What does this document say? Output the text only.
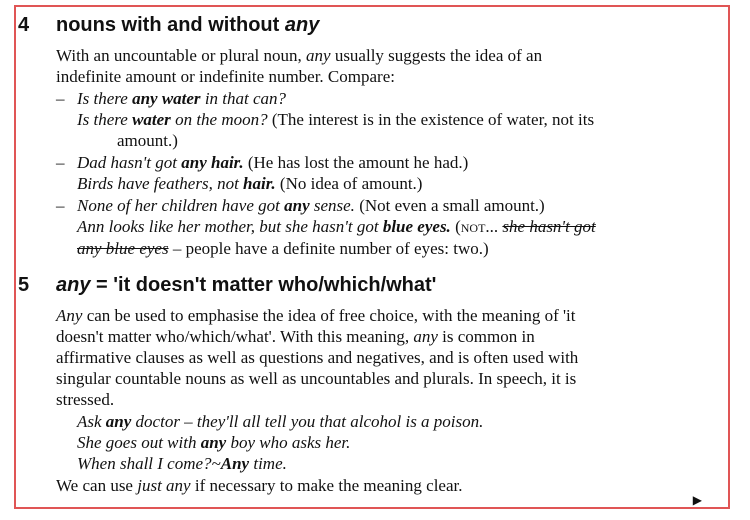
4 nouns with and without any
With an uncountable or plural noun, any usually suggests the idea of an
indefinite amount or indefinite number. Compare:
– Is there any water in that can?
Is there water on the moon? (The interest is in the existence of water, not its
amount.)
– Dad hasn't got any hair. (He has lost the amount he had.)
Birds have feathers, not hair. (No idea of amount.)
– None of her children have got any sense. (Not even a small amount.)
Ann looks like her mother, but she hasn't got blue eyes. (not... she hasn't got
any blue eyes – people have a definite number of eyes: two.)
5 any = 'it doesn't matter who/which/what'
Any can be used to emphasise the idea of free choice, with the meaning of 'it
doesn't matter who/which/what'. With this meaning, any is common in
affirmative clauses as well as questions and negatives, and is often used with
singular countable nouns as well as uncountables and plurals. In speech, it is
stressed.
Ask any doctor – they'll all tell you that alcohol is a poison.
She goes out with any boy who asks her.
When shall I come?~Any time.
We can use just any if necessary to make the meaning clear.
▶
